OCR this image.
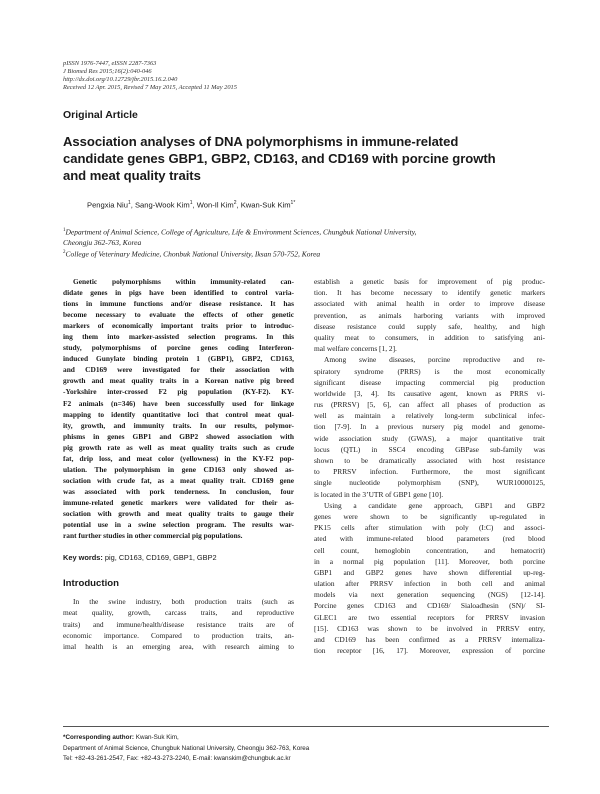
pISSN 1976-7447, eISSN 2287-7363
J Biomed Res 2015;16(2):040-046
http://dx.doi.org/10.12729/jbr.2015.16.2.040
Received 12 Apr. 2015, Revised 7 May 2015, Accepted 11 May 2015
Original Article
Association analyses of DNA polymorphisms in immune-related
candidate genes GBP1, GBP2, CD163, and CD169 with porcine growth
and meat quality traits
Pengxia Niu$^1$, Sang-Wook Kim$^1$, Won-Il Kim$^2$, Kwan-Suk Kim$^{1*}$
$^1$Department of Animal Science, College of Agriculture, Life & Environment Sciences, Chungbuk National University,
Cheongju 362-763, Korea
$^2$College of Veterinary Medicine, Chonbuk National University, Iksan 570-752, Korea
Genetic polymorphisms within immunity-related can-
didate genes in pigs have been identified to control varia-
tions in immune functions and/or disease resistance. It has
become necessary to evaluate the effects of other genetic
markers of economically important traits prior to introduc-
ing them into marker-assisted selection programs. In this
study, polymorphisms of porcine genes coding Interferon-
induced Gunylate binding protein 1 (GBP1), GBP2, CD163,
and CD169 were investigated for their association with
growth and meat quality traits in a Korean native pig breed
-Yorkshire inter-crossed F2 pig population (KY-F2). KY-
F2 animals (n=346) have been successfully used for linkage
mapping to identify quantitative loci that control meat qual-
ity, growth, and immunity traits. In our results, polymor-
phisms in genes GBP1 and GBP2 showed association with
pig growth rate as well as meat quality traits such as crude
fat, drip loss, and meat color (yellowness) in the KY-F2 pop-
ulation. The polymorphism in gene CD163 only showed as-
sociation with crude fat, as a meat quality trait. CD169 gene
was associated with pork tenderness. In conclusion, four
immune-related genetic markers were validated for their as-
sociation with growth and meat quality traits to gauge their
potential use in a swine selection program. The results war-
rant further studies in other commercial pig populations.
Key words: pig, CD163, CD169, GBP1, GBP2
Introduction
In the swine industry, both production traits (such as
meat quality, growth, carcass traits, and reproductive
traits) and immune/health/disease resistance traits are of
economic importance. Compared to production traits, an-
imal health is an emerging area, with research aiming to
establish a genetic basis for improvement of pig produc-
tion. It has become necessary to identify genetic markers
associated with animal health in order to improve disease
prevention, as animals harboring variants with improved
disease resistance could supply safe, healthy, and high
quality meat to consumers, in addition to satisfying ani-
mal welfare concerns [1, 2].
Among swine diseases, porcine reproductive and re-
spiratory syndrome (PRRS) is the most economically
significant disease impacting commercial pig production
worldwide [3, 4]. Its causative agent, known as PRRS vi-
rus (PRRSV) [5, 6], can affect all phases of production as
well as maintain a relatively long-term subclinical infec-
tion [7-9]. In a previous nursery pig model and genome-
wide association study (GWAS), a major quantitative trait
locus (QTL) in SSC4 encoding GBPase sub-family was
shown to be dramatically associated with host resistance
to PRRSV infection. Furthermore, the most significant
single nucleotide polymorphism (SNP), WUR10000125,
is located in the 3’UTR of GBP1 gene [10].
Using a candidate gene approach, GBP1 and GBP2
genes were shown to be significantly up-regulated in
PK15 cells after stimulation with poly (I:C) and associ-
ated with immune-related blood parameters (red blood
cell count, hemoglobin concentration, and hematocrit)
in a normal pig population [11]. Moreover, both porcine
GBP1 and GBP2 genes have shown differential up-reg-
ulation after PRRSV infection in both cell and animal
models via next generation sequencing (NGS) [12-14].
Porcine genes CD163 and CD169/ Sialoadhesin (SN)/ SI-
GLEC1 are two essential receptors for PRRSV invasion
[15]. CD163 was shown to be involved in PRRSV entry,
and CD169 has been confirmed as a PRRSV internaliza-
tion receptor [16, 17]. Moreover, expression of porcine
*Corresponding author: Kwan-Suk Kim,
Department of Animal Science, Chungbuk National University, Cheongju 362-763, Korea
Tel: +82-43-261-2547, Fax: +82-43-273-2240, E-mail: kwanskim@chungbuk.ac.kr
